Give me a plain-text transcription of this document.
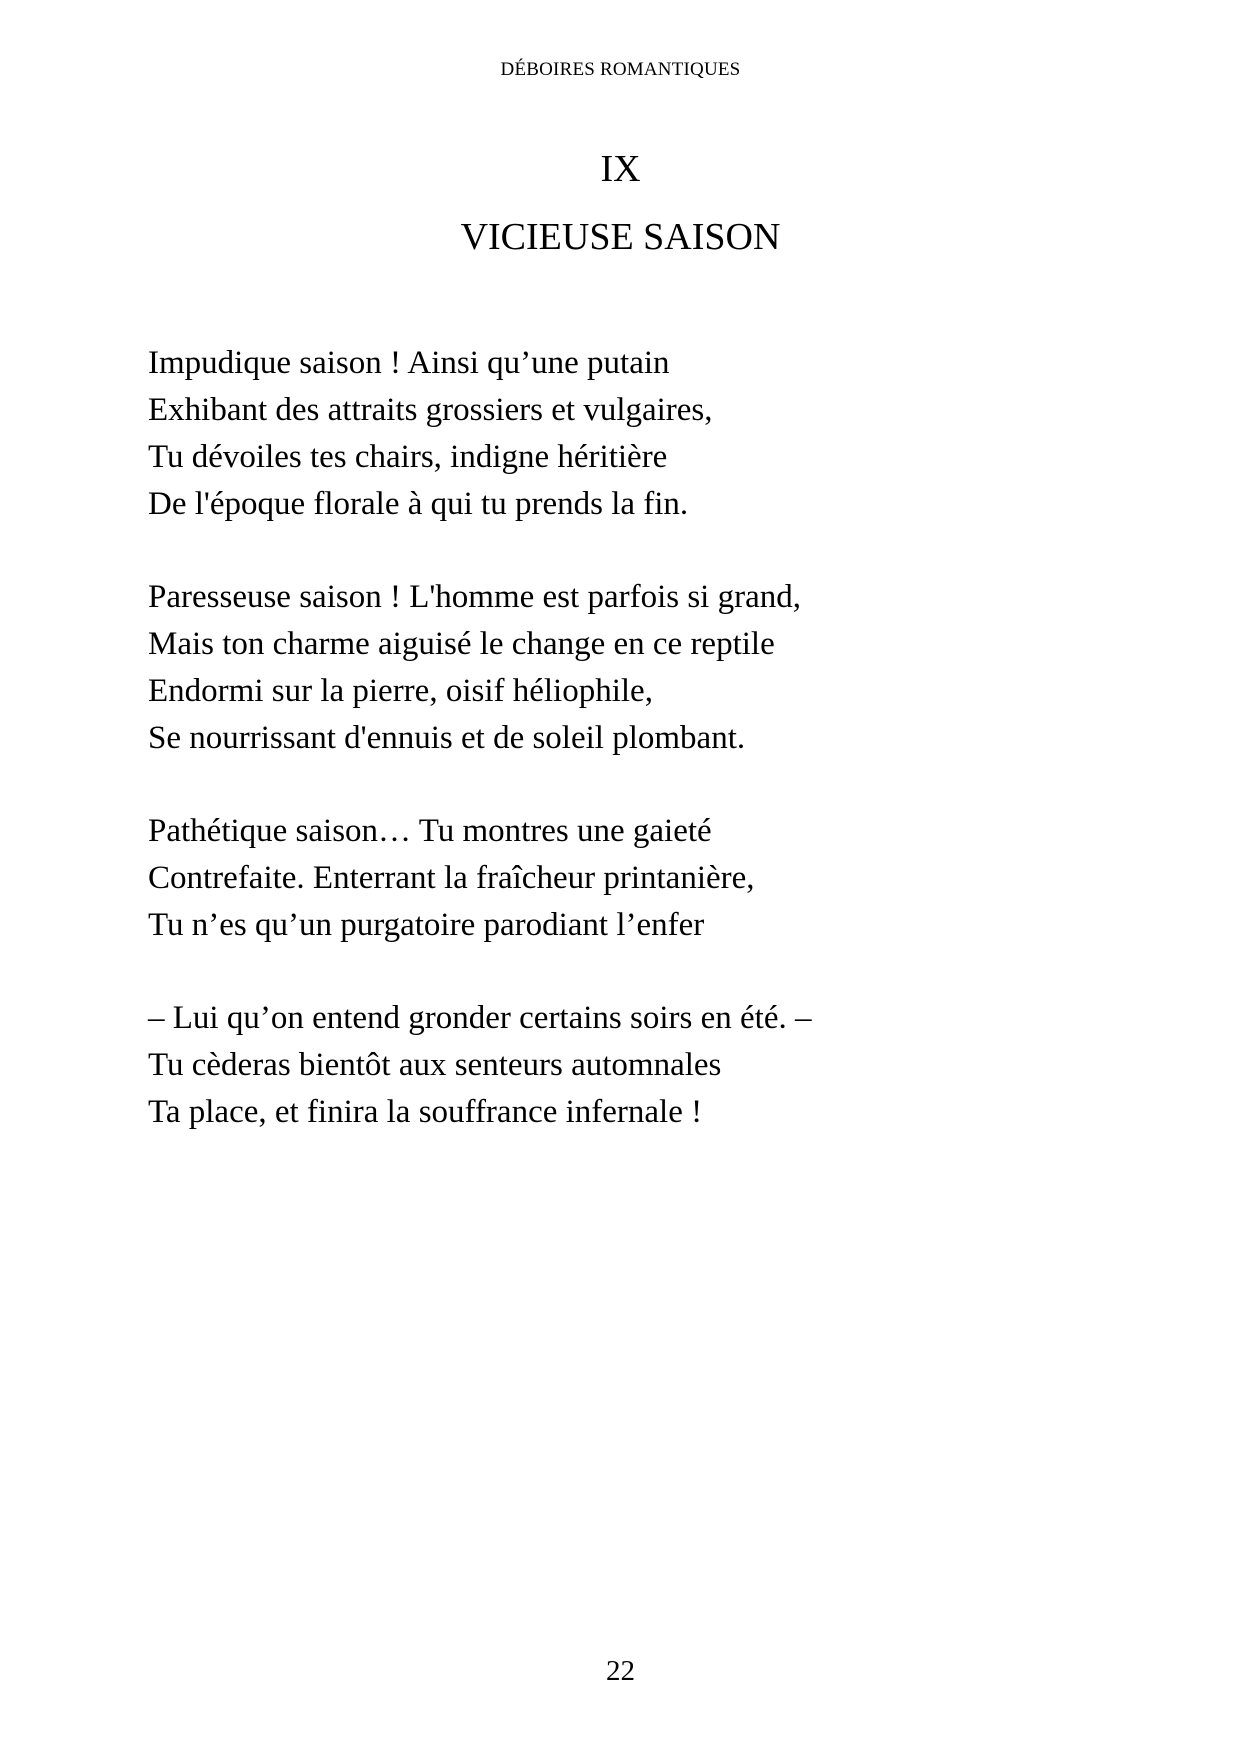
DÉBOIRES ROMANTIQUES
IX
VICIEUSE SAISON
Impudique saison ! Ainsi qu’une putain
Exhibant des attraits grossiers et vulgaires,
Tu dévoiles tes chairs, indigne héritière
De l'époque florale à qui tu prends la fin.
Paresseuse saison ! L'homme est parfois si grand,
Mais ton charme aiguisé le change en ce reptile
Endormi sur la pierre, oisif héliophile,
Se nourrissant d'ennuis et de soleil plombant.
Pathétique saison… Tu montres une gaieté
Contrefaite. Enterrant la fraîcheur printanière,
Tu n’es qu’un purgatoire parodiant l’enfer
– Lui qu’on entend gronder certains soirs en été. –
Tu cèderas bientôt aux senteurs automnales
Ta place, et finira la souffrance infernale !
22
